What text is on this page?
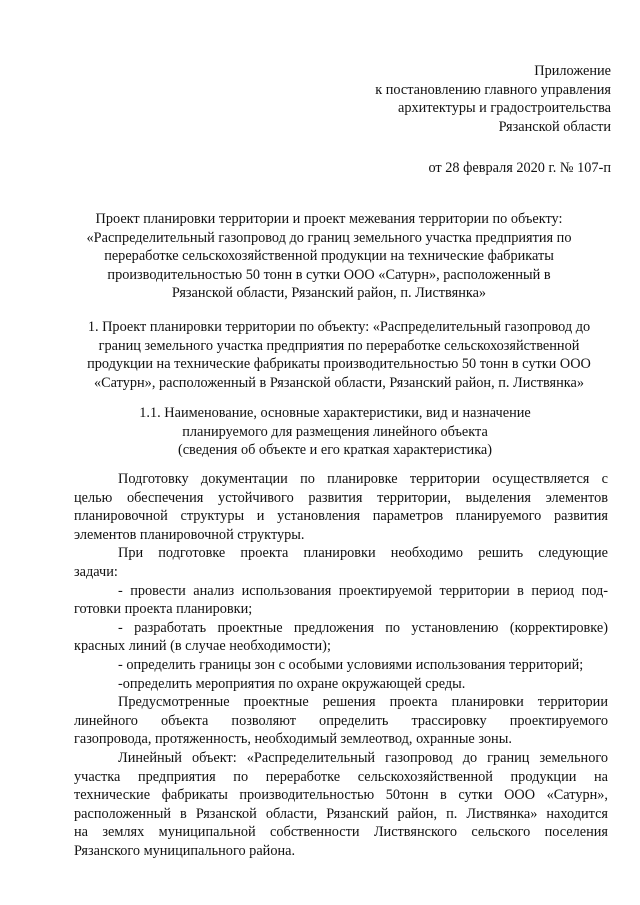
Приложение
к постановлению главного управления
архитектуры и градостроительства
Рязанской области
от 28 февраля 2020 г. № 107-п
Проект планировки территории и проект межевания территории по объекту:
«Распределительный газопровод до границ земельного участка предприятия по
переработке сельскохозяйственной продукции на технические фабрикаты
производительностью 50 тонн в сутки ООО «Сатурн», расположенный в
Рязанской области, Рязанский район, п. Листвянка»
1. Проект планировки территории по объекту: «Распределительный газопровод до
границ земельного участка предприятия по переработке сельскохозяйственной
продукции на технические фабрикаты производительностью 50 тонн в сутки ООО
«Сатурн», расположенный в Рязанской области, Рязанский район, п. Листвянка»
1.1. Наименование, основные характеристики, вид и назначение
планируемого для размещения линейного объекта
(сведения об объекте и его краткая характеристика)
Подготовку документации по планировке территории осуществляется с
целью обеспечения устойчивого развития территории, выделения элементов
планировочной структуры и установления параметров планируемого развития
элементов планировочной структуры.
При подготовке проекта планировки необходимо решить следующие
задачи:
- провести анализ использования проектируемой территории в период под-
готовки проекта планировки;
- разработать проектные предложения по установлению (корректировке)
красных линий (в случае необходимости);
- определить границы зон с особыми условиями использования территорий;
-определить мероприятия по охране окружающей среды.
Предусмотренные проектные решения проекта планировки территории
линейного объекта позволяют определить трассировку проектируемого
газопровода, протяженность, необходимый землеотвод, охранные зоны.
Линейный объект: «Распределительный газопровод до границ земельного
участка предприятия по переработке сельскохозяйственной продукции на
технические фабрикаты производительностью 50тонн в сутки ООО «Сатурн»,
расположенный в Рязанской области, Рязанский район, п. Листвянка» находится
на землях муниципальной собственности Листвянского сельского поселения
Рязанского муниципального района.
